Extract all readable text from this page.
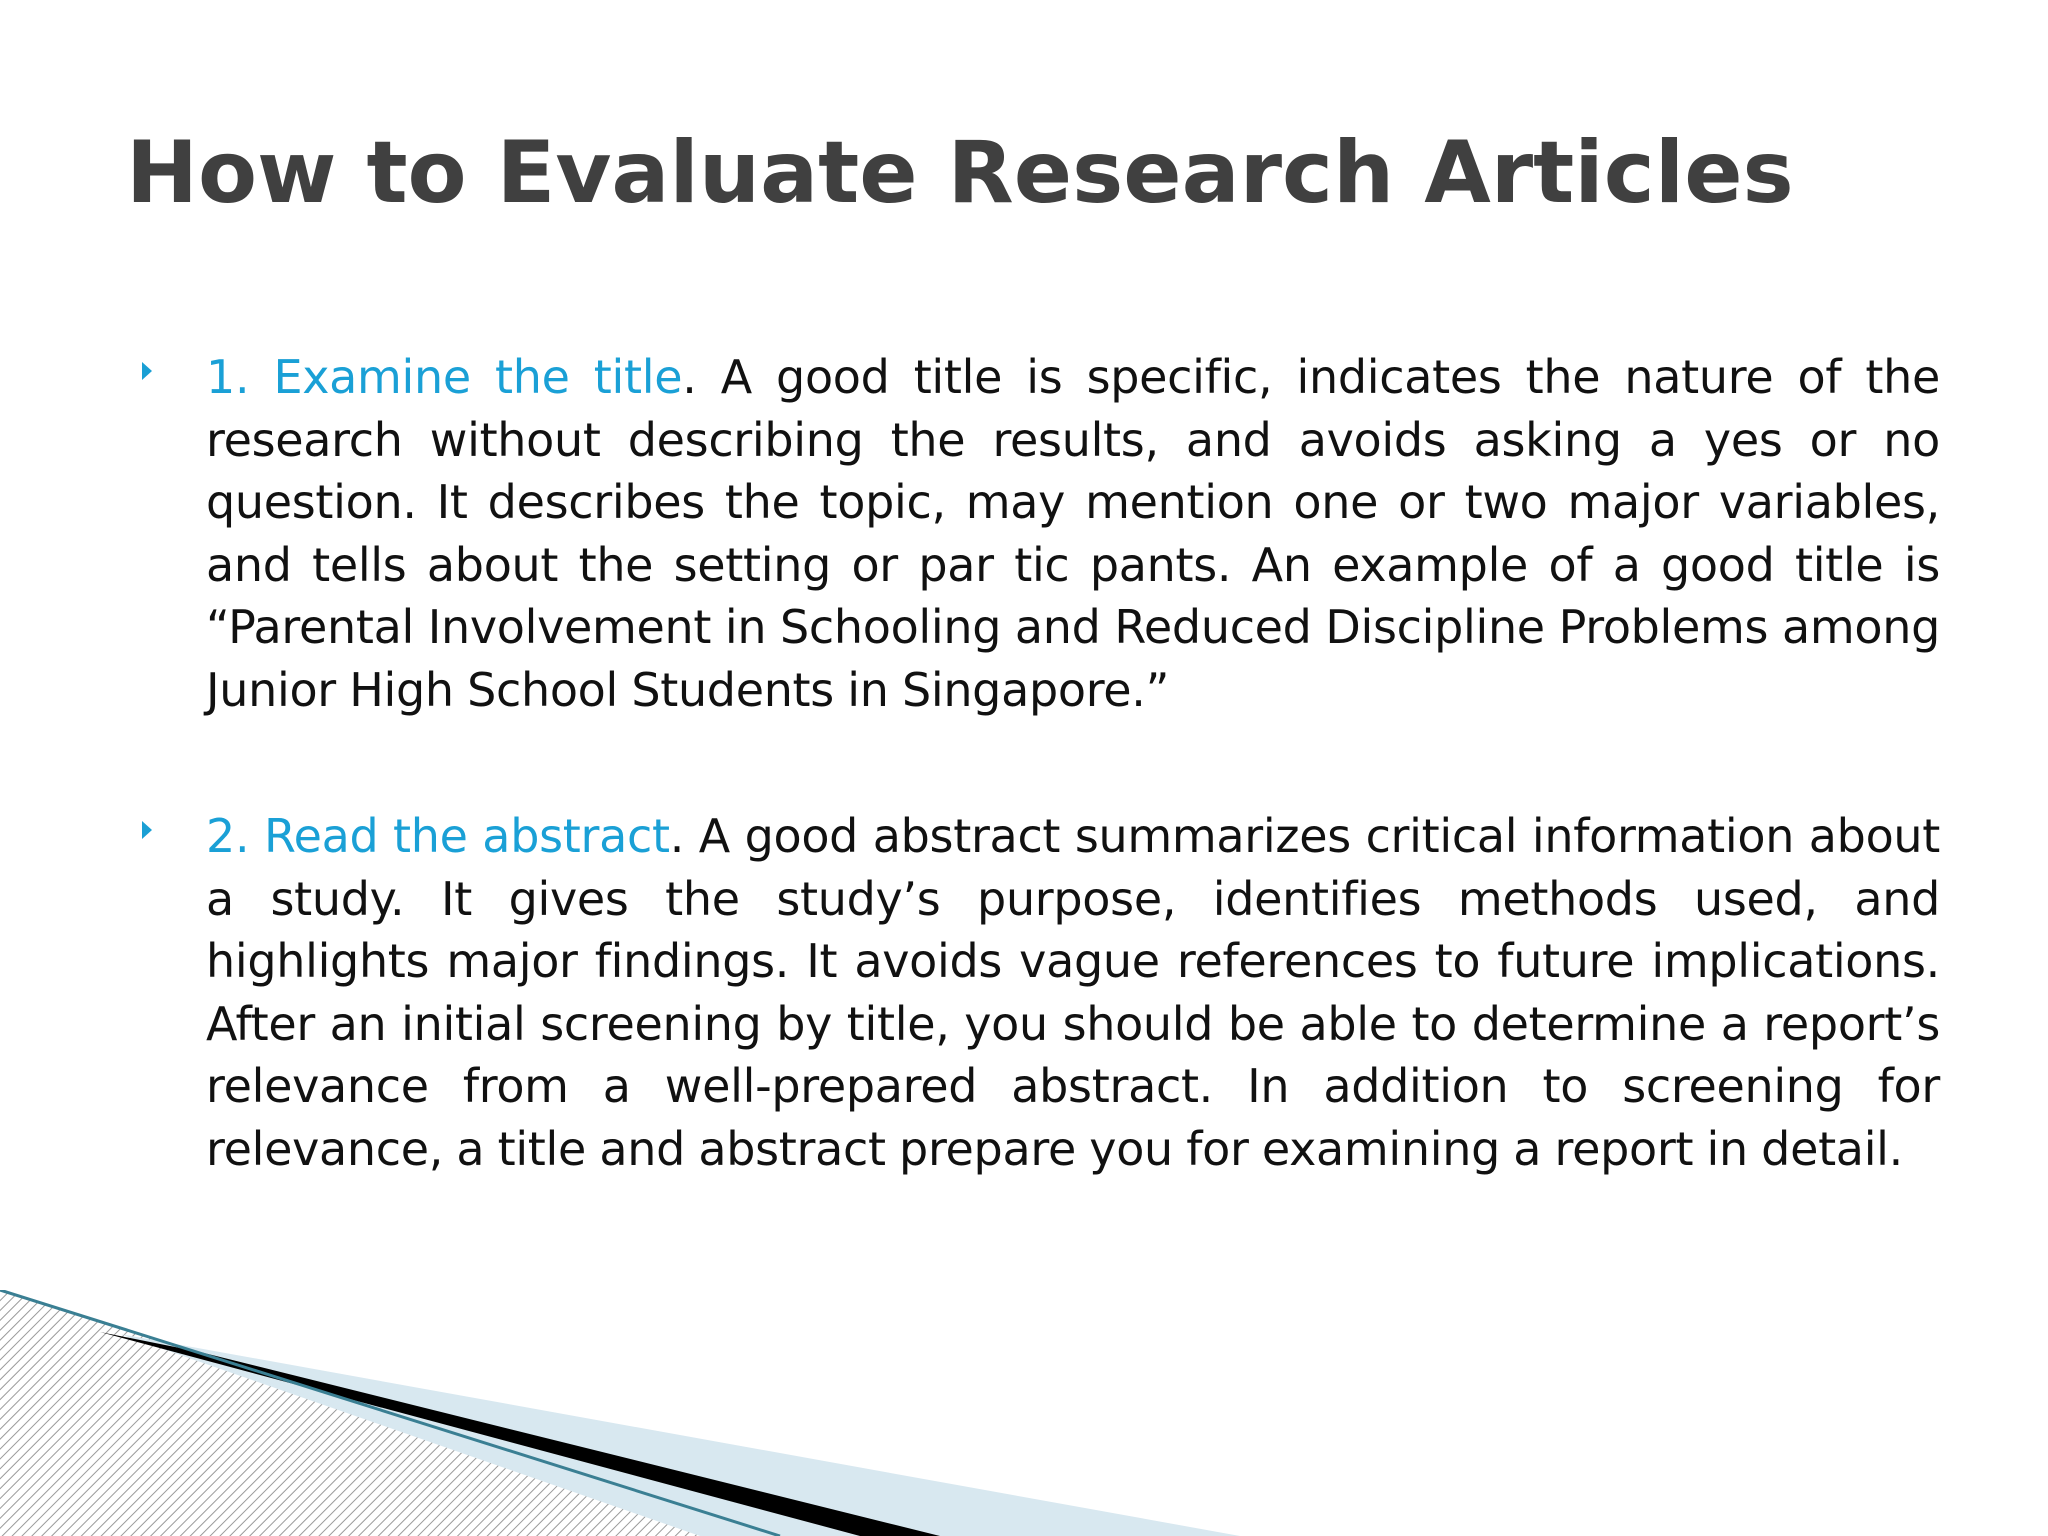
How to Evaluate Research Articles
1. Examine the title. A good title is specific, indicates the nature of the research without describing the results, and avoids asking a yes or no question. It describes the topic, may mention one or two major variables, and tells about the setting or par tic pants. An example of a good title is “Parental Involvement in Schooling and Reduced Discipline Problems among Junior High School Students in Singapore.”
2. Read the abstract. A good abstract summarizes critical information about a study. It gives the study’s purpose, identifies methods used, and highlights major findings. It avoids vague references to future implications. After an initial screening by title, you should be able to determine a report’s relevance from a well-prepared abstract. In addition to screening for relevance, a title and abstract prepare you for examining a report in detail.
